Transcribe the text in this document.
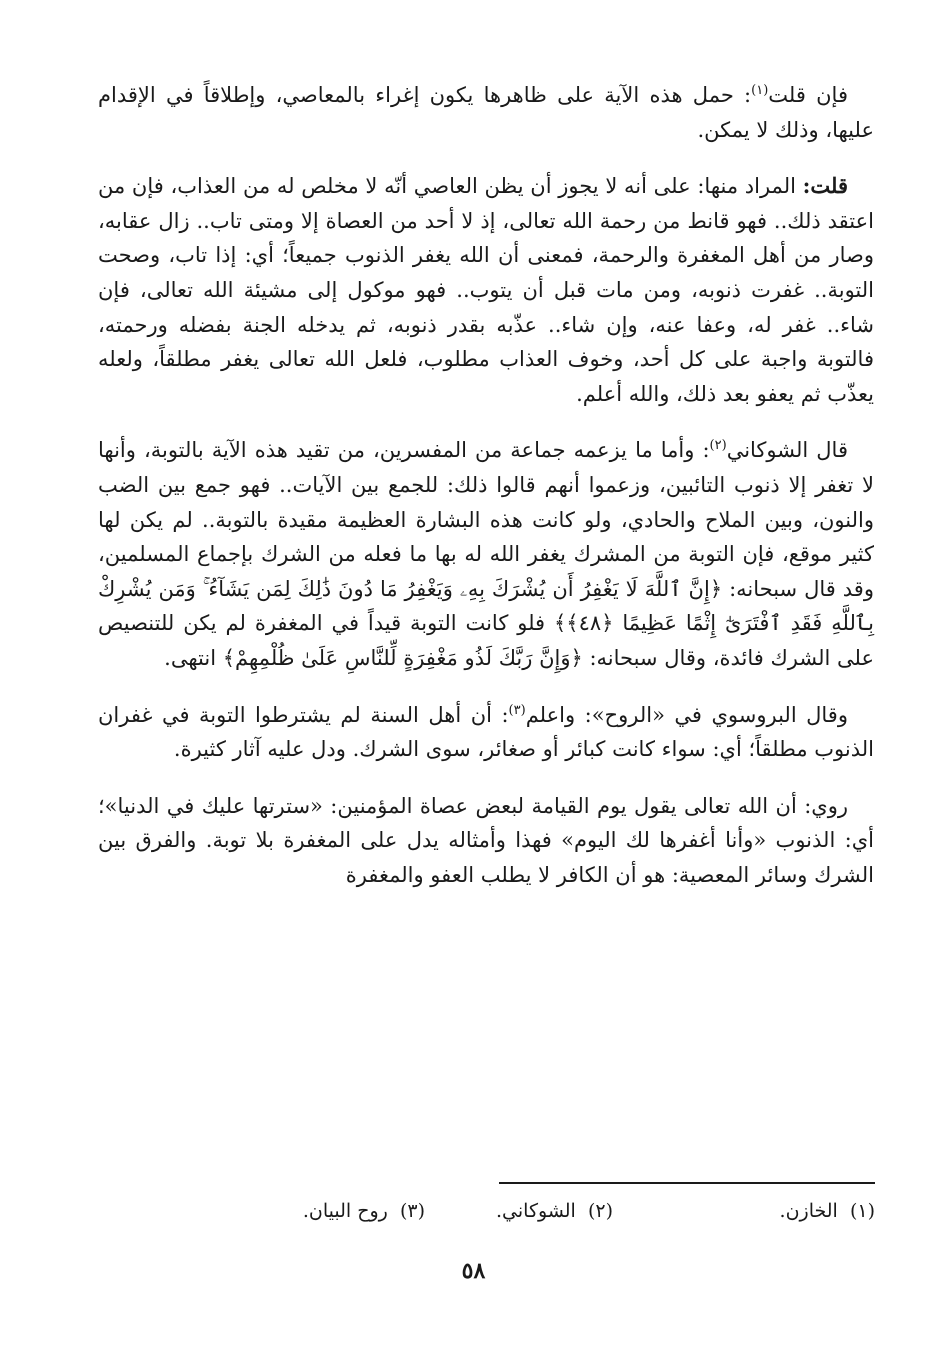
فإن قلت$^{(١)}$: حمل هذه الآية على ظاهرها يكون إغراء بالمعاصي، وإطلاقاً في الإقدام عليها، وذلك لا يمكن.

قلت: المراد منها: على أنه لا يجوز أن يظن العاصي أنّه لا مخلص له من العذاب، فإن من اعتقد ذلك.. فهو قانط من رحمة الله تعالى، إذ لا أحد من العصاة إلا ومتى تاب.. زال عقابه، وصار من أهل المغفرة والرحمة، فمعنى أن الله يغفر الذنوب جميعاً؛ أي: إذا تاب، وصحت التوبة.. غفرت ذنوبه، ومن مات قبل أن يتوب.. فهو موكول إلى مشيئة الله تعالى، فإن شاء.. غفر له، وعفا عنه، وإن شاء.. عذّبه بقدر ذنوبه، ثم يدخله الجنة بفضله ورحمته، فالتوبة واجبة على كل أحد، وخوف العذاب مطلوب، فلعل الله تعالى يغفر مطلقاً، ولعله يعذّب ثم يعفو بعد ذلك، والله أعلم.

قال الشوكاني$^{(٢)}$: وأما ما يزعمه جماعة من المفسرين، من تقيد هذه الآية بالتوبة، وأنها لا تغفر إلا ذنوب التائبين، وزعموا أنهم قالوا ذلك: للجمع بين الآيات.. فهو جمع بين الضب والنون، وبين الملاح والحادي، ولو كانت هذه البشارة العظيمة مقيدة بالتوبة.. لم يكن لها كثير موقع، فإن التوبة من المشرك يغفر الله له بها ما فعله من الشرك بإجماع المسلمين، وقد قال سبحانه: ﴿إِنَّ ٱللَّهَ لَا يَغْفِرُ أَن يُشْرَكَ بِهِۦ وَيَغْفِرُ مَا دُونَ ذَٰلِكَ لِمَن يَشَآءُ ۚ وَمَن يُشْرِكْ بِٱللَّهِ فَقَدِ ٱفْتَرَىٰٓ إِثْمًا عَظِيمًا ﴿٤٨﴾﴾ فلو كانت التوبة قيداً في المغفرة لم يكن للتنصيص على الشرك فائدة، وقال سبحانه: ﴿وَإِنَّ رَبَّكَ لَذُو مَغْفِرَةٍ لِّلنَّاسِ عَلَىٰ ظُلْمِهِمْ﴾ انتهى.

وقال البروسوي في «الروح»: واعلم$^{(٣)}$: أن أهل السنة لم يشترطوا التوبة في غفران الذنوب مطلقاً؛ أي: سواء كانت كبائر أو صغائر، سوى الشرك. ودل عليه آثار كثيرة.

روي: أن الله تعالى يقول يوم القيامة لبعض عصاة المؤمنين: «سترتها عليك في الدنيا»؛ أي: الذنوب «وأنا أغفرها لك اليوم» فهذا وأمثاله يدل على المغفرة بلا توبة. والفرق بين الشرك وسائر المعصية: هو أن الكافر لا يطلب العفو والمغفرة

(١)  الخازن.
(٢)  الشوكاني.
(٣)  روح البيان.
٥٨
